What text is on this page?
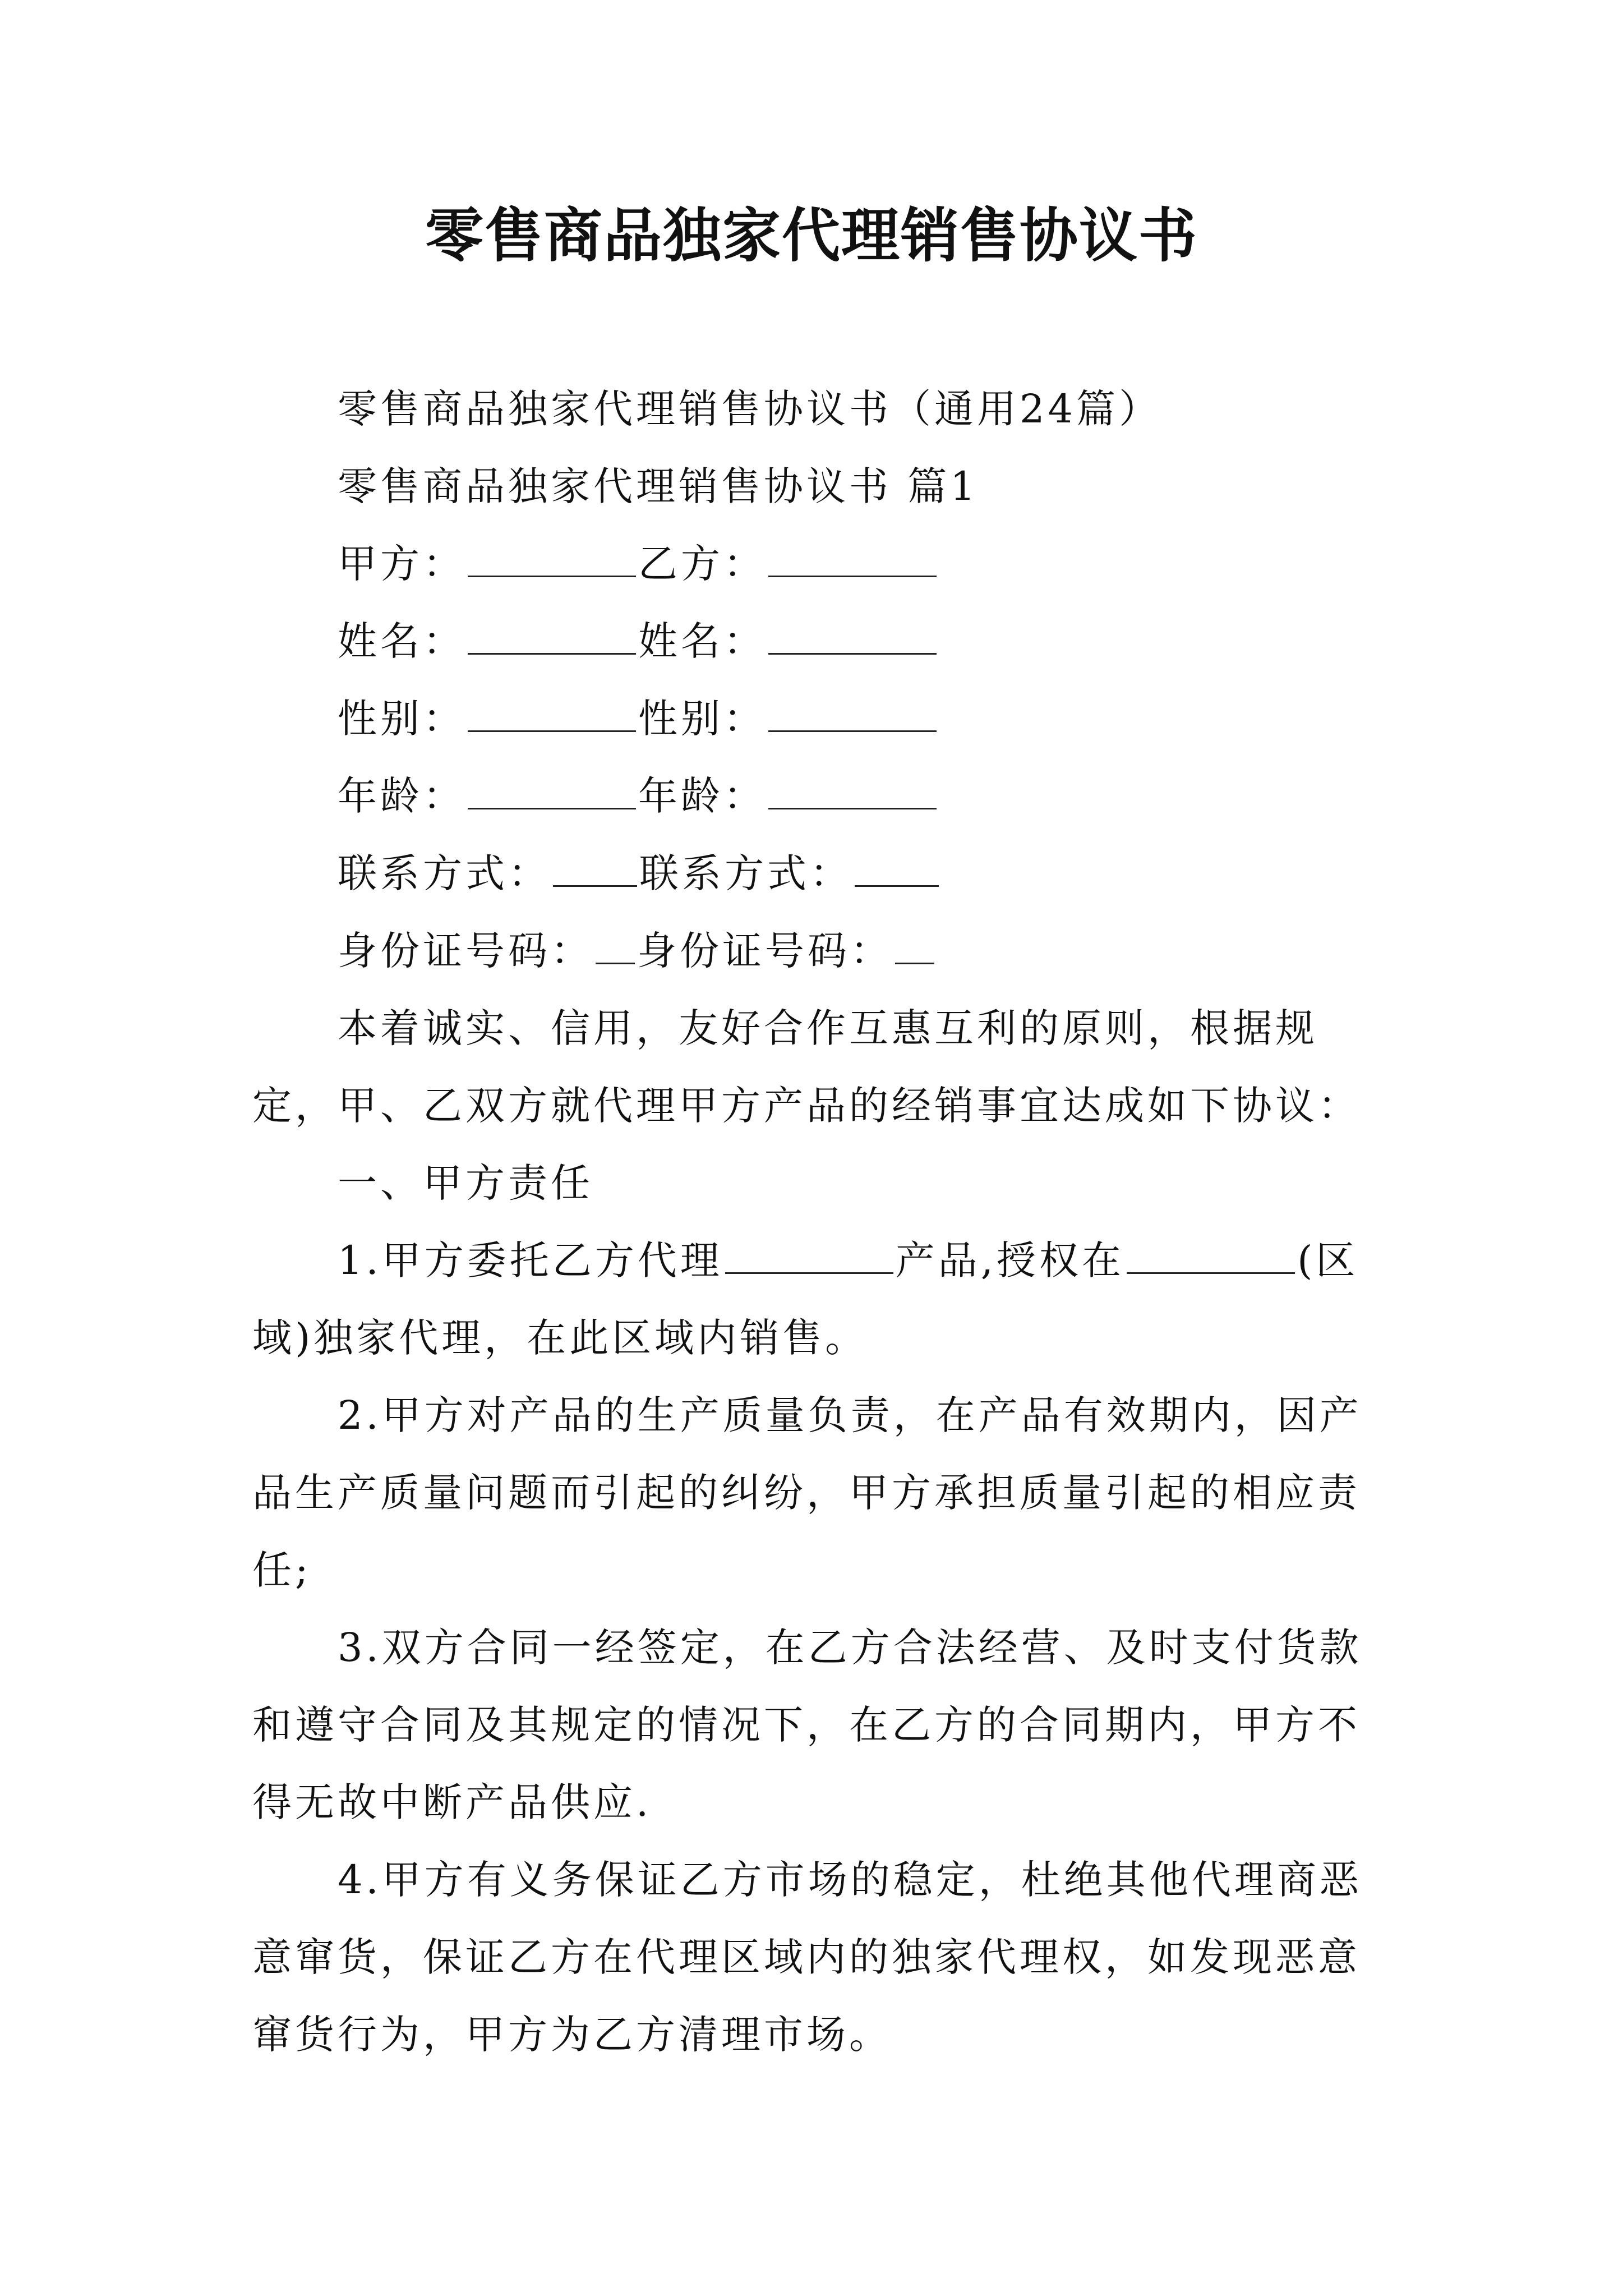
零售商品独家代理销售协议书

零售商品独家代理销售协议书（通用24篇）

零售商品独家代理销售协议书 篇1

甲方：	乙方：

姓名：	姓名：

性别：	性别：

年龄：	年龄：

联系方式： 联系方式：

身份证号码： 身份证号码：

本着诚实、信用，友好合作互惠互利的原则，根据规定，甲、乙双方就代理甲方产品的经销事宜达成如下协议：

一、甲方责任

1.甲方委托乙方代理	产品,授权在	(区域)独家代理，在此区域内销售。

2.甲方对产品的生产质量负责，在产品有效期内，因产品生产质量问题而引起的纠纷，甲方承担质量引起的相应责任;

3.双方合同一经签定，在乙方合法经营、及时支付货款和遵守合同及其规定的情况下，在乙方的合同期内，甲方不得无故中断产品供应.

4.甲方有义务保证乙方市场的稳定，杜绝其他代理商恶意窜货，保证乙方在代理区域内的独家代理权，如发现恶意窜货行为，甲方为乙方清理市场。
